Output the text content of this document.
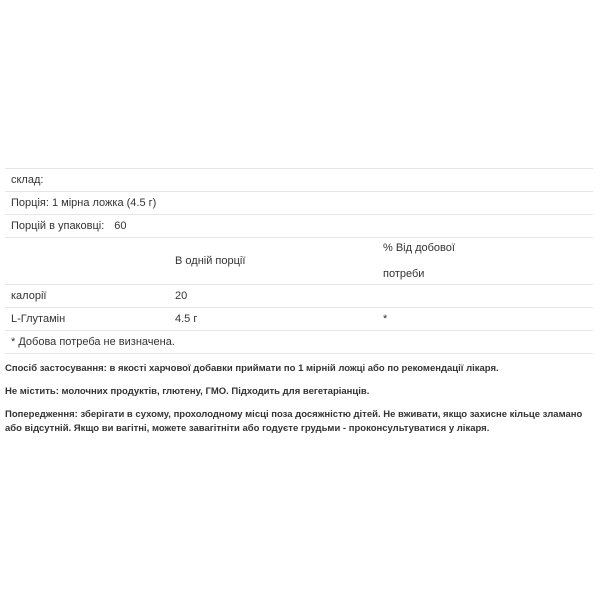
склад:		
Порція: 1 мірна ложка (4.5 г)		
Порцій в упаковці: 60		
	В одній порції	% Від добової
потреби

калорії	20	
L-Глутамін	4.5 г	*
* Добова потреба не визначена.		

Спосіб застосування: в якості харчової добавки приймати по 1 мірній ложці або по рекомендації лікаря.

Не містить: молочних продуктів, глютену, ГМО. Підходить для вегетаріанців.

Попередження: зберігати в сухому, прохолодному місці поза досяжністю дітей. Не вживати, якщо захисне кільце зламано або відсутній. Якщо ви вагітні, можете завагітніти або годуєте грудьми - проконсультуватися у лікаря.
